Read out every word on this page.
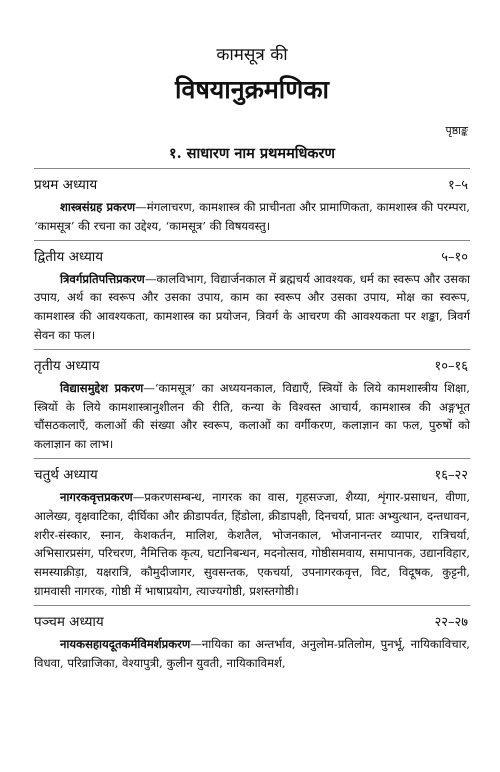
कामसूत्र की
विषयानुक्रमणिका
पृष्ठाङ्क
१. साधारण नाम प्रथममधिकरण
प्रथम अध्याय	१–५

शास्त्रसंग्रह प्रकरण—मंगलाचरण, कामशास्त्र की प्राचीनता और प्रामाणिकता, कामशास्त्र की परम्परा, ‘कामसूत्र’ की रचना का उद्देश्य, ‘कामसूत्र’ की विषयवस्तु।

द्वितीय अध्याय	५–१०

त्रिवर्गप्रतिपत्तिप्रकरण—कालविभाग, विद्यार्जनकाल में ब्रह्मचर्य आवश्यक, धर्म का स्वरूप और उसका उपाय, अर्थ का स्वरूप और उसका उपाय, काम का स्वरूप और उसका उपाय, मोक्ष का स्वरूप, कामशास्त्र की आवश्यकता, कामशास्त्र का प्रयोजन, त्रिवर्ग के आचरण की आवश्यकता पर शङ्का, त्रिवर्ग सेवन का फल।

तृतीय अध्याय	१०–१६

विद्यासमुद्देश प्रकरण—‘कामसूत्र’ का अध्ययनकाल, विद्याएँ, स्त्रियों के लिये कामशास्त्रीय शिक्षा, स्त्रियों के लिये कामशास्त्रानुशीलन की रीति, कन्या के विश्वस्त आचार्य, कामशास्त्र की अङ्गभूत चौंसठकलाएँ, कलाओं की संख्या और स्वरूप, कलाओं का वर्गीकरण, कलाज्ञान का फल, पुरुषों को कलाज्ञान का लाभ।

चतुर्थ अध्याय	१६–२२

नागरकवृत्तप्रकरण—प्रकरणसम्बन्ध, नागरक का वास, गृहसज्जा, शैय्या, शृंगार-प्रसाधन, वीणा, आलेख्य, वृक्षवाटिका, दीर्घिका और क्रीडापर्वत, हिंडोला, क्रीडापक्षी, दिनचर्या, प्रातः अभ्युत्थान, दन्तधावन, शरीर-संस्कार, स्नान, केशकर्तन, मालिश, केशतैल, भोजनकाल, भोजनानन्तर व्यापार, रात्रिचर्या, अभिसारप्रसंग, परिचरण, नैमित्तिक कृत्य, घटानिबन्धन, मदनोत्सव, गोष्ठीसमवाय, समापानक, उद्यानविहार, समस्याक्रीड़ा, यक्षरात्रि, कौमुदीजागर, सुवसन्तक, एकचर्या, उपनागरकवृत्त, विट, विदूषक, कुट्टनी, ग्रामवासी नागरक, गोष्ठी में भाषाप्रयोग, त्याज्यगोष्ठी, प्रशस्तगोष्ठी।

पञ्चम अध्याय	२२–२७

नायकसहायदूतकर्मविमर्शप्रकरण—नायिका का अन्तर्भाव, अनुलोम-प्रतिलोम, पुनर्भू, नायिकाविचार, विधवा, परिव्राजिका, वेश्यापुत्री, कुलीन युवती, नायिकाविमर्श,
